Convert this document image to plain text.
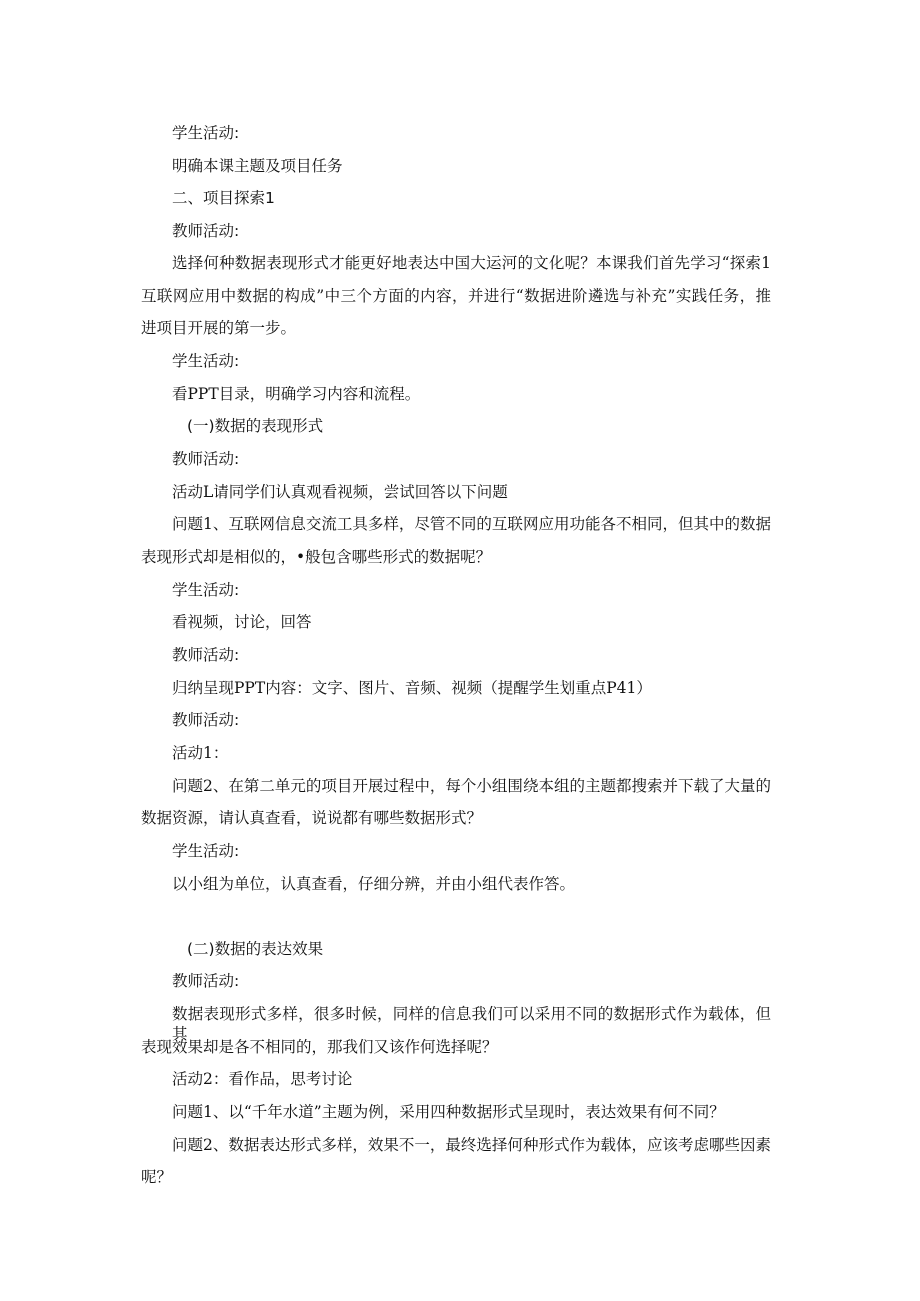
学生活动:
明确本课主题及项目任务
二、项目探索1
教师活动:
选择何种数据表现形式才能更好地表达中国大运河的文化呢？本课我们首先学习“探索1
互联网应用中数据的构成”中三个方面的内容，并进行“数据进阶遴选与补充”实践任务，推
进项目开展的第一步。
学生活动:
看PPT目录，明确学习内容和流程。
(一)数据的表现形式
教师活动:
活动L请同学们认真观看视频，尝试回答以下问题
问题1、互联网信息交流工具多样，尽管不同的互联网应用功能各不相同，但其中的数据
表现形式却是相似的，•般包含哪些形式的数据呢？
学生活动:
看视频，讨论，回答
教师活动:
归纳呈现PPT内容：文字、图片、音频、视频（提醒学生划重点P41）
教师活动:
活动1：
问题2、在第二单元的项目开展过程中，每个小组围绕本组的主题都搜索并下载了大量的
数据资源，请认真查看，说说都有哪些数据形式？
学生活动:
以小组为单位，认真查看，仔细分辨，并由小组代表作答。
(二)数据的表达效果
教师活动:
数据表现形式多样，很多时候，同样的信息我们可以采用不同的数据形式作为载体，但其
表现效果却是各不相同的，那我们又该作何选择呢？
活动2：看作品，思考讨论
问题1、以“千年水道”主题为例，采用四种数据形式呈现时，表达效果有何不同？
问题2、数据表达形式多样，效果不一，最终选择何种形式作为载体，应该考虑哪些因素
呢？
